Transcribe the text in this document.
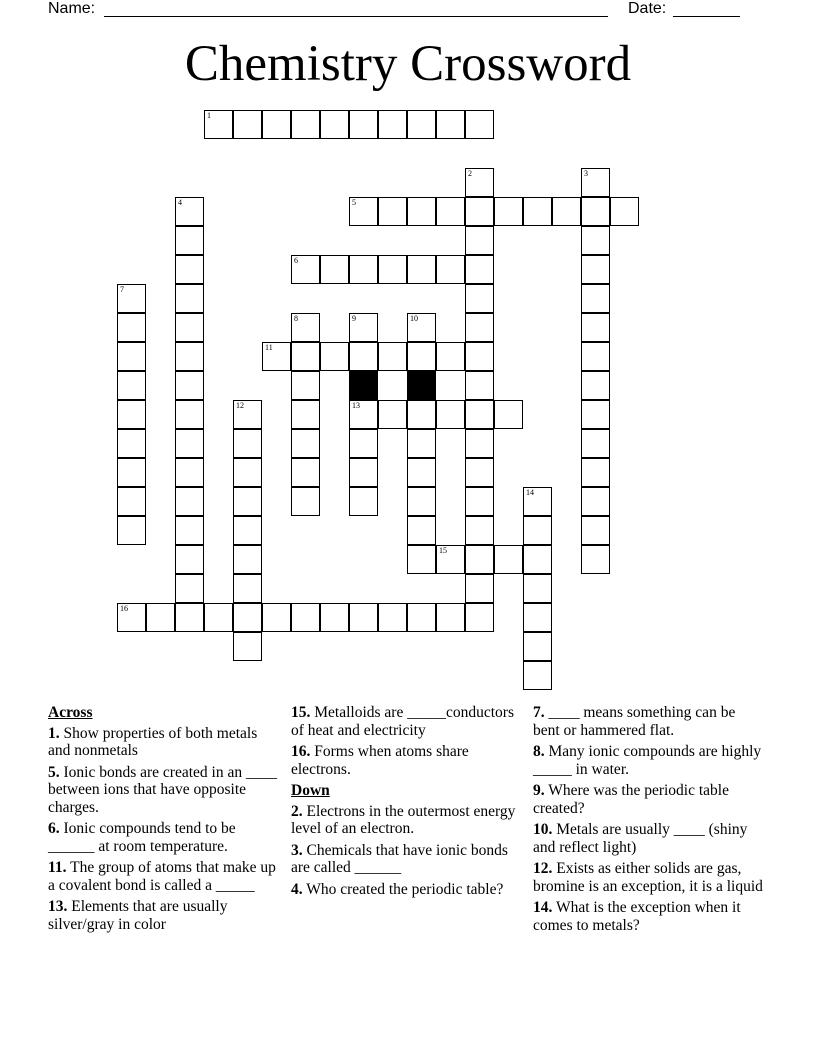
Name:	Date:
Chemistry Crossword
1
2	3
4	5
6
7
8	9
13
10
11
12
14
15
16
Across
1. Show properties of both metals and nonmetals
5. Ionic bonds are created in an ____ between ions that have opposite charges.
6. Ionic compounds tend to be ______ at room temperature.
11. The group of atoms that make up a covalent bond is called a _____
13. Elements that are usually silver/gray in color
15. Metalloids are _____conductors of heat and electricity
16. Forms when atoms share electrons.
Down
2. Electrons in the outermost energy level of an electron.
3. Chemicals that have ionic bonds are called ______
4. Who created the periodic table?
7. ____ means something can be bent or hammered flat.
8. Many ionic compounds are highly _____ in water.
9. Where was the periodic table created?
10. Metals are usually ____ (shiny and reflect light)
12. Exists as either solids are gas, bromine is an exception, it is a liquid
14. What is the exception when it comes to metals?
